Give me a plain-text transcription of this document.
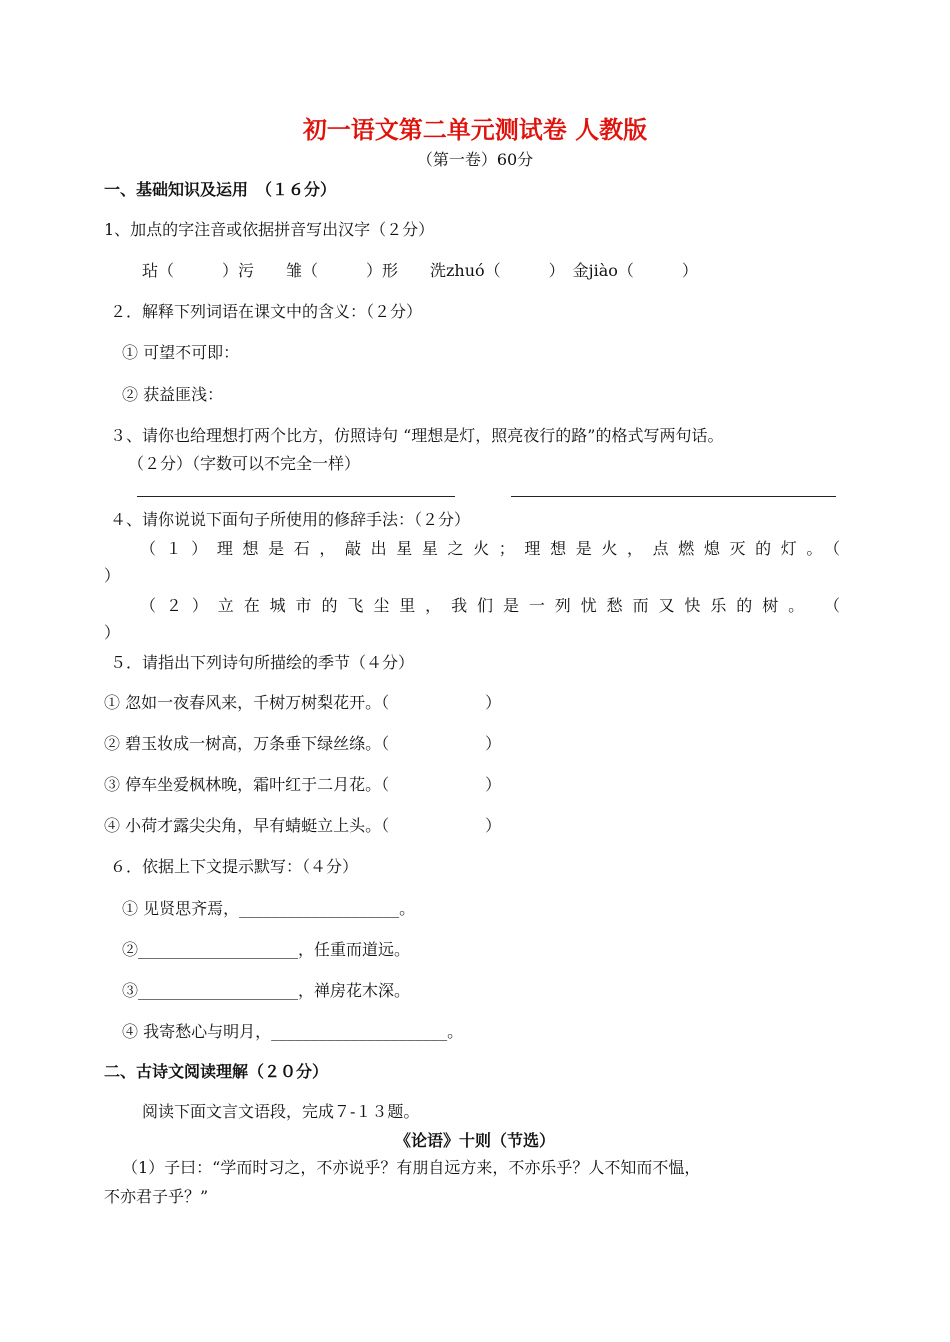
初一语文第二单元测试卷 人教版
（第一卷）60分
一、基础知识及运用　（１６分）
1、加点的字注音或依据拼音写出汉字（２分）
玷（　　　）污　　雏（　　　）形　　洗zhuó（　　　）　金jiào（　　　）
２．解释下列词语在课文中的含义：（２分）
① 可望不可即：
② 获益匪浅：
３、请你也给理想打两个比方，仿照诗句 “理想是灯，照亮夜行的路”的格式写两句话。
（２分）（字数可以不完全一样）
４、请你说说下面句子所使用的修辞手法：（２分）
（１）理想是石，敲出星星之火；理想是火，点燃熄灭的灯。（
）
（２）立在城市的飞尘里，我们是一列忧愁而又快乐的树。　（
）
５．请指出下列诗句所描绘的季节（４分）
① 忽如一夜春风来，千树万树梨花开。（　　　　　　）
② 碧玉妆成一树高，万条垂下绿丝绦。（　　　　　　）
③ 停车坐爱枫林晚，霜叶红于二月花。（　　　　　　）
④ 小荷才露尖尖角，早有蜻蜓立上头。（　　　　　　）
６．依据上下文提示默写：（４分）
① 见贤思齐焉，____________________。
②____________________，任重而道远。
③____________________，禅房花木深。
④ 我寄愁心与明月，______________________。
二、古诗文阅读理解（２０分）
阅读下面文言文语段，完成７-１３题。
《论语》十则（节选）
（1）子曰：“学而时习之，不亦说乎？有朋自远方来，不亦乐乎？人不知而不愠，
不亦君子乎？”
